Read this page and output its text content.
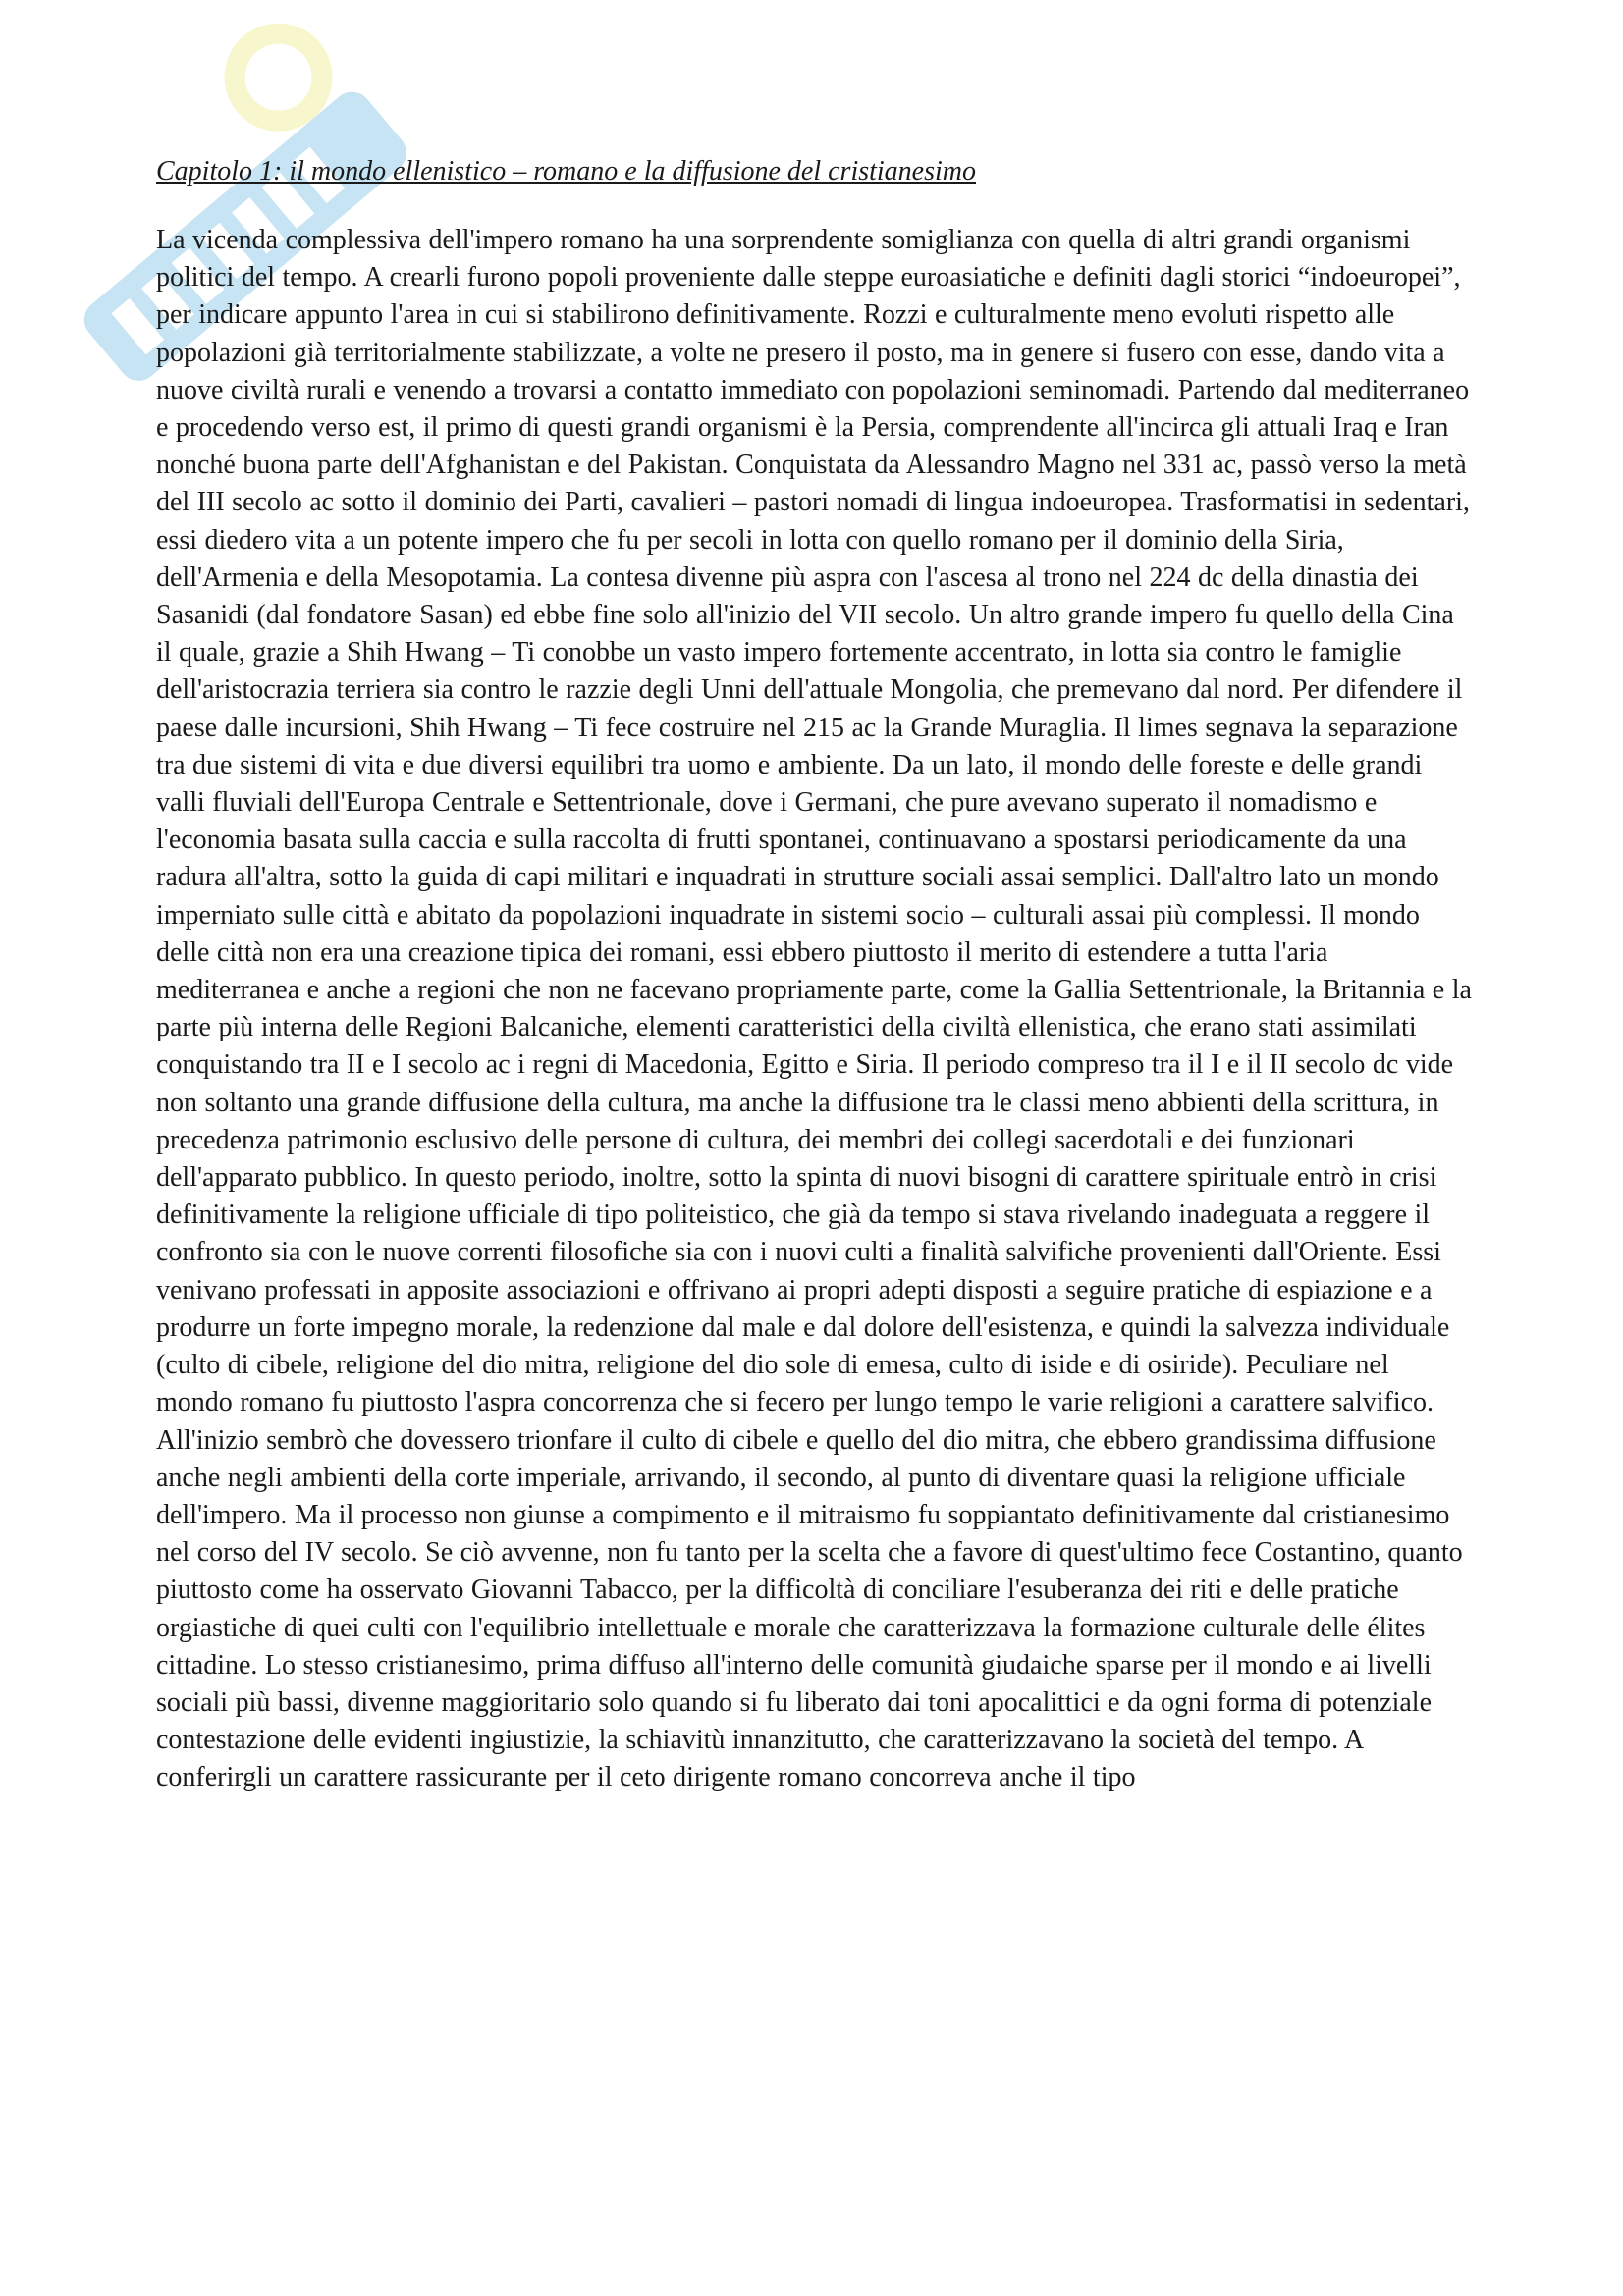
Capitolo 1: il mondo ellenistico – romano e la diffusione del cristianesimo

La vicenda complessiva dell'impero romano ha una sorprendente somiglianza con quella di altri grandi organismi politici del tempo. A crearli furono popoli proveniente dalle steppe euroasiatiche e definiti dagli storici “indoeuropei”, per indicare appunto l'area in cui si stabilirono definitivamente. Rozzi e culturalmente meno evoluti rispetto alle popolazioni già territorialmente stabilizzate, a volte ne presero il posto, ma in genere si fusero con esse, dando vita a nuove civiltà rurali e venendo a trovarsi a contatto immediato con popolazioni seminomadi. Partendo dal mediterraneo e procedendo verso est, il primo di questi grandi organismi è la Persia, comprendente all'incirca gli attuali Iraq e Iran nonché buona parte dell'Afghanistan e del Pakistan. Conquistata da Alessandro Magno nel 331 ac, passò verso la metà del III secolo ac sotto il dominio dei Parti, cavalieri – pastori nomadi di lingua indoeuropea. Trasformatisi in sedentari, essi diedero vita a un potente impero che fu per secoli in lotta con quello romano per il dominio della Siria, dell'Armenia e della Mesopotamia. La contesa divenne più aspra con l'ascesa al trono nel 224 dc della dinastia dei Sasanidi (dal fondatore Sasan) ed ebbe fine solo all'inizio del VII secolo. Un altro grande impero fu quello della Cina il quale, grazie a Shih Hwang – Ti conobbe un vasto impero fortemente accentrato, in lotta sia contro le famiglie dell'aristocrazia terriera sia contro le razzie degli Unni dell'attuale Mongolia, che premevano dal nord. Per difendere il paese dalle incursioni, Shih Hwang – Ti fece costruire nel 215 ac la Grande Muraglia. Il limes segnava la separazione tra due sistemi di vita e due diversi equilibri tra uomo e ambiente. Da un lato, il mondo delle foreste e delle grandi valli fluviali dell'Europa Centrale e Settentrionale, dove i Germani, che pure avevano superato il nomadismo e l'economia basata sulla caccia e sulla raccolta di frutti spontanei, continuavano a spostarsi periodicamente da una radura all'altra, sotto la guida di capi militari e inquadrati in strutture sociali assai semplici. Dall'altro lato un mondo imperniato sulle città e abitato da popolazioni inquadrate in sistemi socio – culturali assai più complessi. Il mondo delle città non era una creazione tipica dei romani, essi ebbero piuttosto il merito di estendere a tutta l'aria mediterranea e anche a regioni che non ne facevano propriamente parte, come la Gallia Settentrionale, la Britannia e la parte più interna delle Regioni Balcaniche, elementi caratteristici della civiltà ellenistica, che erano stati assimilati conquistando tra II e I secolo ac i regni di Macedonia, Egitto e Siria. Il periodo compreso tra il I e il II secolo dc vide non soltanto una grande diffusione della cultura, ma anche la diffusione tra le classi meno abbienti della scrittura, in precedenza patrimonio esclusivo delle persone di cultura, dei membri dei collegi sacerdotali e dei funzionari dell'apparato pubblico. In questo periodo, inoltre, sotto la spinta di nuovi bisogni di carattere spirituale entrò in crisi definitivamente la religione ufficiale di tipo politeistico, che già da tempo si stava rivelando inadeguata a reggere il confronto sia con le nuove correnti filosofiche sia con i nuovi culti a finalità salvifiche provenienti dall'Oriente. Essi venivano professati in apposite associazioni e offrivano ai propri adepti disposti a seguire pratiche di espiazione e a produrre un forte impegno morale, la redenzione dal male e dal dolore dell'esistenza, e quindi la salvezza individuale (culto di cibele, religione del dio mitra, religione del dio sole di emesa, culto di iside e di osiride). Peculiare nel mondo romano fu piuttosto l'aspra concorrenza che si fecero per lungo tempo le varie religioni a carattere salvifico. All'inizio sembrò che dovessero trionfare il culto di cibele e quello del dio mitra, che ebbero grandissima diffusione anche negli ambienti della corte imperiale, arrivando, il secondo, al punto di diventare quasi la religione ufficiale dell'impero. Ma il processo non giunse a compimento e il mitraismo fu soppiantato definitivamente dal cristianesimo nel corso del IV secolo. Se ciò avvenne, non fu tanto per la scelta che a favore di quest'ultimo fece Costantino, quanto piuttosto come ha osservato Giovanni Tabacco, per la difficoltà di conciliare l'esuberanza dei riti e delle pratiche orgiastiche di quei culti con l'equilibrio intellettuale e morale che caratterizzava la formazione culturale delle élites cittadine. Lo stesso cristianesimo, prima diffuso all'interno delle comunità giudaiche sparse per il mondo e ai livelli sociali più bassi, divenne maggioritario solo quando si fu liberato dai toni apocalittici e da ogni forma di potenziale contestazione delle evidenti ingiustizie, la schiavitù innanzitutto, che caratterizzavano la società del tempo. A conferirgli un carattere rassicurante per il ceto dirigente romano concorreva anche il tipo
